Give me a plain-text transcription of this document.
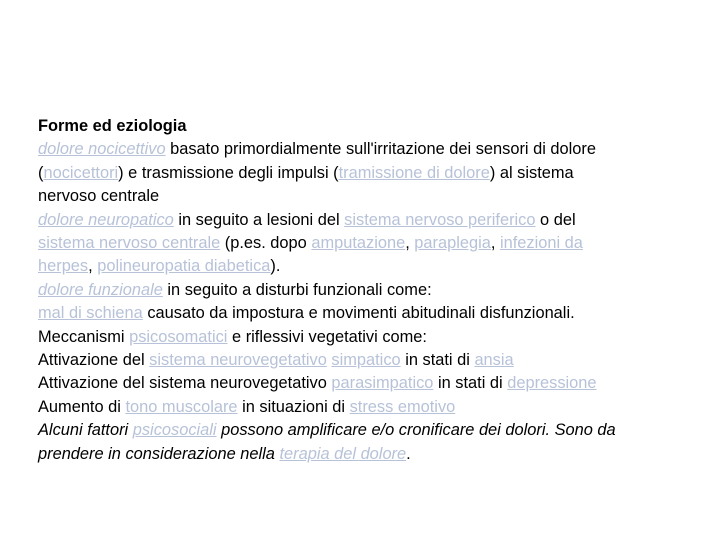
Forme ed eziologia
dolore nocicettivo basato primordialmente sull'irritazione dei sensori di dolore
(nocicettori) e trasmissione degli impulsi (tramissione di dolore) al sistema
nervoso centrale
dolore neuropatico in seguito a lesioni del sistema nervoso periferico o del
sistema nervoso centrale (p.es. dopo amputazione, paraplegia, infezioni da
herpes, polineuropatia diabetica).
dolore funzionale in seguito a disturbi funzionali come:
mal di schiena causato da impostura e movimenti abitudinali disfunzionali.
Meccanismi psicosomatici e riflessivi vegetativi come:
Attivazione del sistema neurovegetativo simpatico in stati di ansia
Attivazione del sistema neurovegetativo parasimpatico in stati di depressione
Aumento di tono muscolare in situazioni di stress emotivo
Alcuni fattori psicosociali possono amplificare e/o cronificare dei dolori. Sono da
prendere in considerazione nella terapia del dolore.
